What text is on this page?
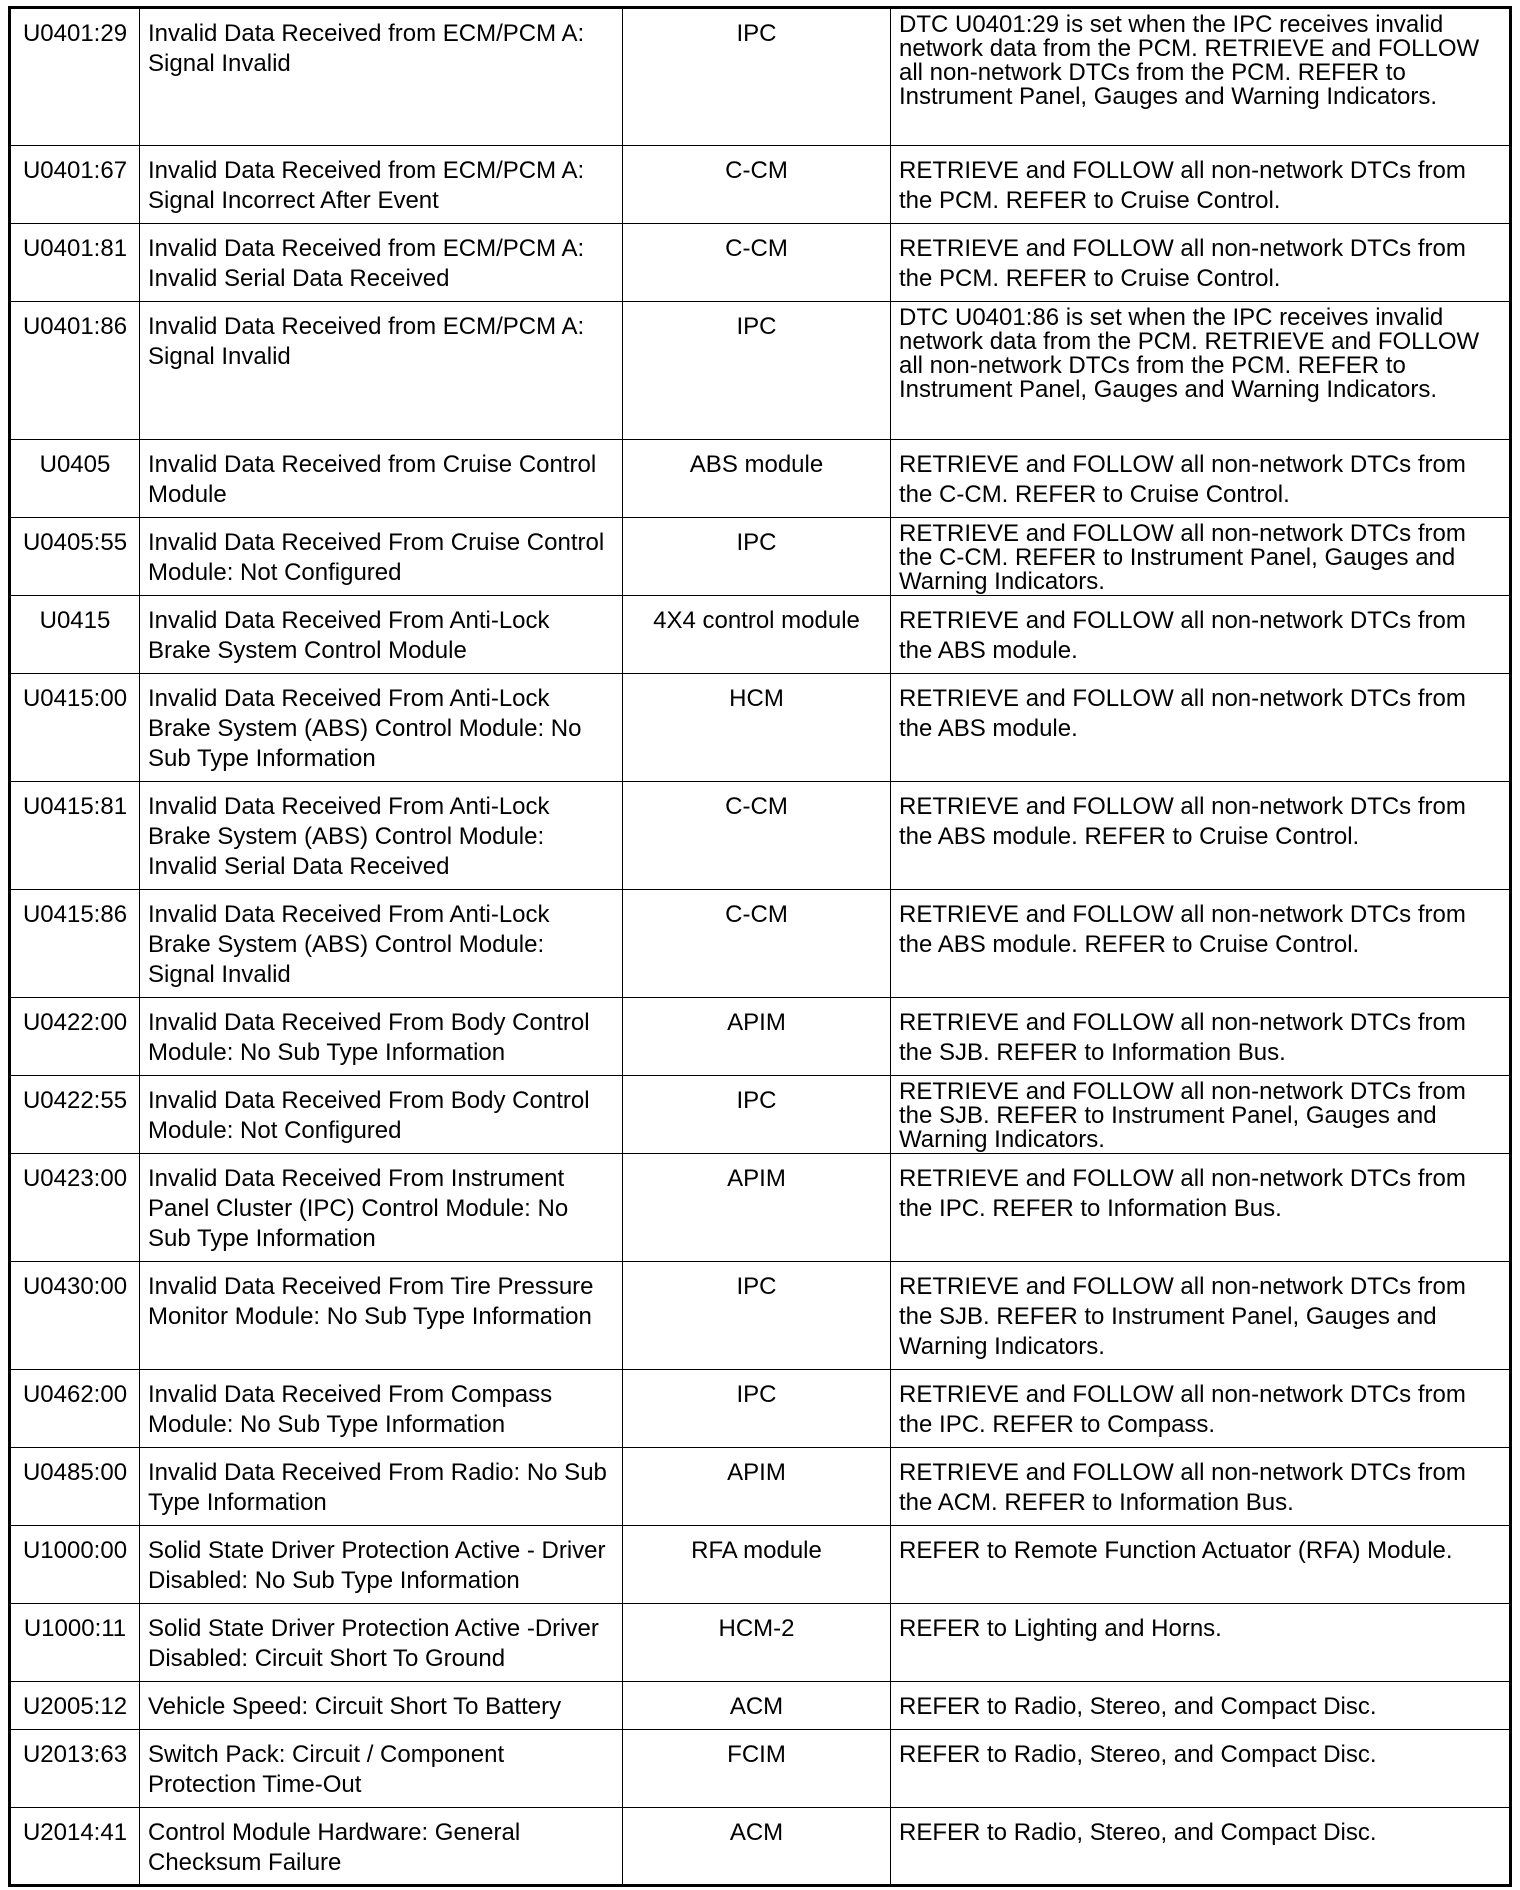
U0401:29	Invalid Data Received from ECM/PCM A: Signal Invalid	IPC	DTC U0401:29 is set when the IPC receives invalid network data from the PCM. RETRIEVE and FOLLOW all non-network DTCs from the PCM. REFER to Instrument Panel, Gauges and Warning Indicators.
U0401:67	Invalid Data Received from ECM/PCM A: Signal Incorrect After Event	C-CM	RETRIEVE and FOLLOW all non-network DTCs from the PCM. REFER to Cruise Control.
U0401:81	Invalid Data Received from ECM/PCM A: Invalid Serial Data Received	C-CM	RETRIEVE and FOLLOW all non-network DTCs from the PCM. REFER to Cruise Control.
U0401:86	Invalid Data Received from ECM/PCM A: Signal Invalid	IPC	DTC U0401:86 is set when the IPC receives invalid network data from the PCM. RETRIEVE and FOLLOW all non-network DTCs from the PCM. REFER to Instrument Panel, Gauges and Warning Indicators.
U0405	Invalid Data Received from Cruise Control Module	ABS module	RETRIEVE and FOLLOW all non-network DTCs from the C-CM. REFER to Cruise Control.
U0405:55	Invalid Data Received From Cruise Control Module: Not Configured	IPC	RETRIEVE and FOLLOW all non-network DTCs from the C-CM. REFER to Instrument Panel, Gauges and Warning Indicators.
U0415	Invalid Data Received From Anti-Lock Brake System Control Module	4X4 control module	RETRIEVE and FOLLOW all non-network DTCs from the ABS module.
U0415:00	Invalid Data Received From Anti-Lock Brake System (ABS) Control Module: No Sub Type Information	HCM	RETRIEVE and FOLLOW all non-network DTCs from the ABS module.
U0415:81	Invalid Data Received From Anti-Lock Brake System (ABS) Control Module: Invalid Serial Data Received	C-CM	RETRIEVE and FOLLOW all non-network DTCs from the ABS module. REFER to Cruise Control.
U0415:86	Invalid Data Received From Anti-Lock Brake System (ABS) Control Module: Signal Invalid	C-CM	RETRIEVE and FOLLOW all non-network DTCs from the ABS module. REFER to Cruise Control.
U0422:00	Invalid Data Received From Body Control Module: No Sub Type Information	APIM	RETRIEVE and FOLLOW all non-network DTCs from the SJB. REFER to Information Bus.
U0422:55	Invalid Data Received From Body Control Module: Not Configured	IPC	RETRIEVE and FOLLOW all non-network DTCs from the SJB. REFER to Instrument Panel, Gauges and Warning Indicators.
U0423:00	Invalid Data Received From Instrument Panel Cluster (IPC) Control Module: No Sub Type Information	APIM	RETRIEVE and FOLLOW all non-network DTCs from the IPC. REFER to Information Bus.
U0430:00	Invalid Data Received From Tire Pressure Monitor Module: No Sub Type Information	IPC	RETRIEVE and FOLLOW all non-network DTCs from the SJB. REFER to Instrument Panel, Gauges and Warning Indicators.
U0462:00	Invalid Data Received From Compass Module: No Sub Type Information	IPC	RETRIEVE and FOLLOW all non-network DTCs from the IPC. REFER to Compass.
U0485:00	Invalid Data Received From Radio: No Sub Type Information	APIM	RETRIEVE and FOLLOW all non-network DTCs from the ACM. REFER to Information Bus.
U1000:00	Solid State Driver Protection Active - Driver Disabled: No Sub Type Information	RFA module	REFER to Remote Function Actuator (RFA) Module.
U1000:11	Solid State Driver Protection Active -Driver Disabled: Circuit Short To Ground	HCM-2	REFER to Lighting and Horns.
U2005:12	Vehicle Speed: Circuit Short To Battery	ACM	REFER to Radio, Stereo, and Compact Disc.
U2013:63	Switch Pack: Circuit / Component Protection Time-Out	FCIM	REFER to Radio, Stereo, and Compact Disc.
U2014:41	Control Module Hardware: General Checksum Failure	ACM	REFER to Radio, Stereo, and Compact Disc.
